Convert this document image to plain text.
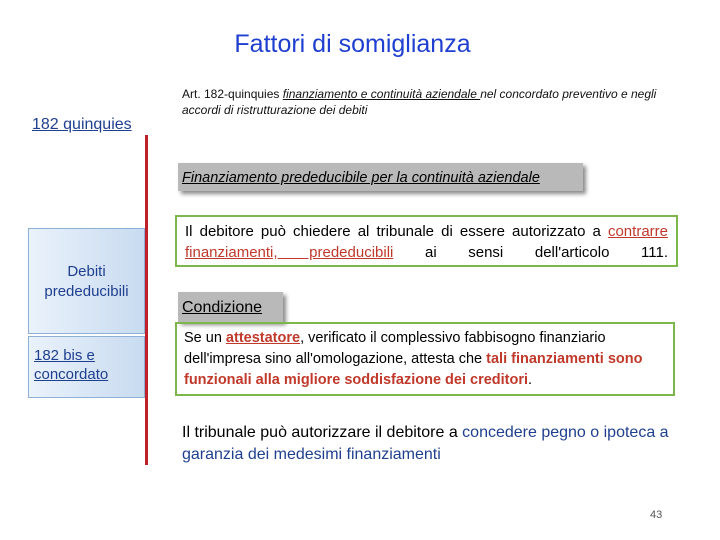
Fattori di somiglianza
182 quinquies
Art. 182-quinquies finanziamento e continuità aziendale nel concordato preventivo e negli accordi di ristrutturazione dei debiti
Finanziamento prededucibile per la continuità aziendale
Il debitore può chiedere al tribunale di essere autorizzato a contrarre finanziamenti, prededucibili ai sensi dell'articolo 111.
Debiti prededucibili
182 bis e concordato
Condizione
Se un attestatore, verificato il complessivo fabbisogno finanziario dell'impresa sino all'omologazione, attesta che tali finanziamenti sono funzionali alla migliore soddisfazione dei creditori.
Il tribunale può autorizzare il debitore a concedere pegno o ipoteca a garanzia dei medesimi finanziamenti
43
